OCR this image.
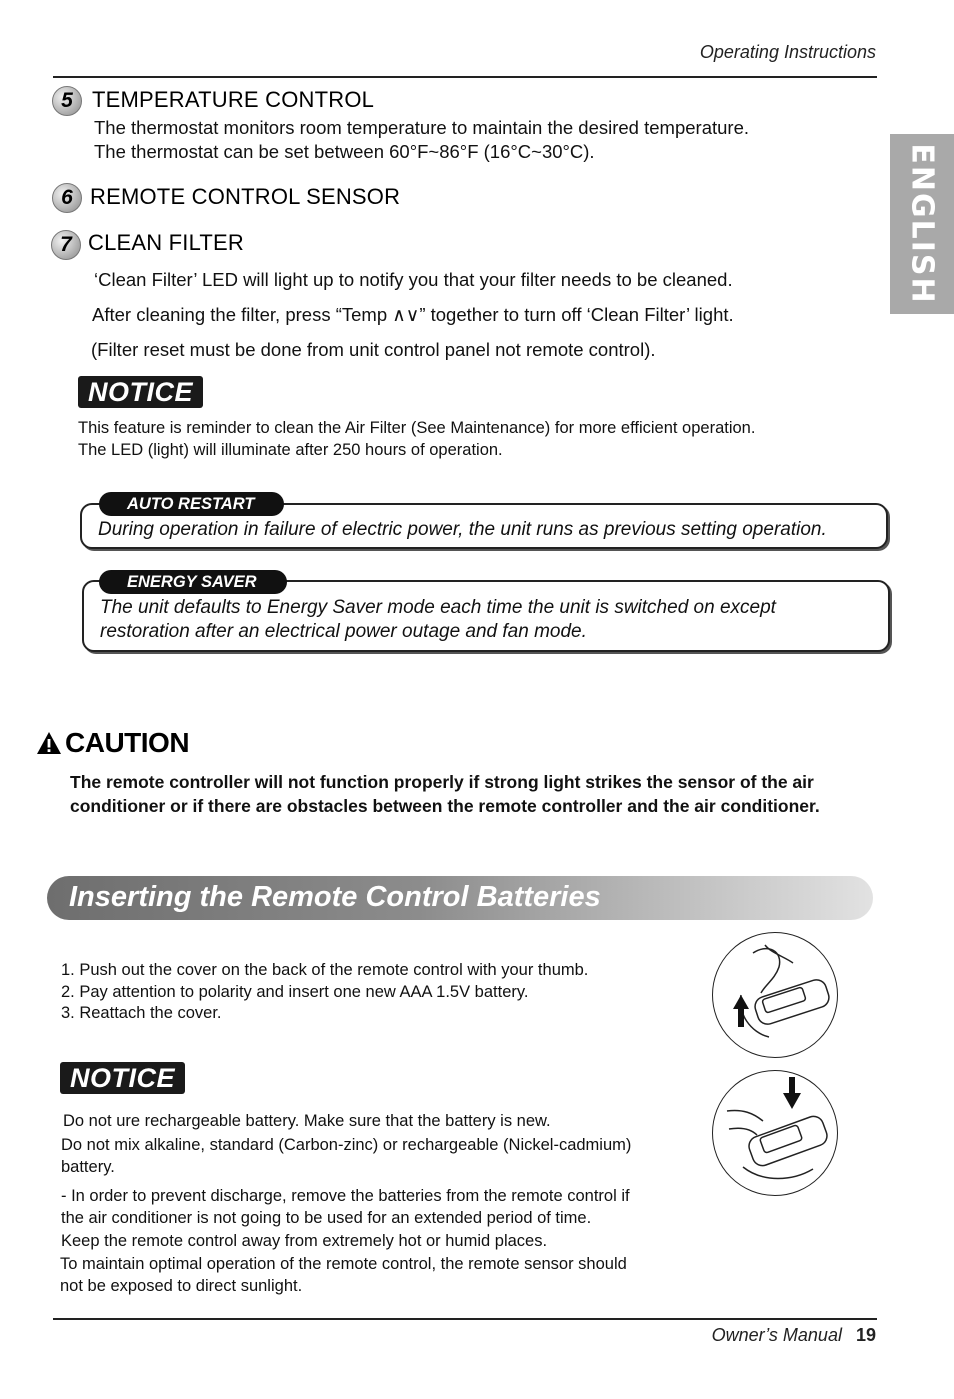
Operating Instructions
ENGLISH
5 TEMPERATURE CONTROL
The thermostat monitors room temperature to maintain the desired temperature.
The thermostat can be set between 60°F~86°F (16°C~30°C).
6 REMOTE CONTROL SENSOR
7 CLEAN FILTER
‘Clean Filter’ LED will light up to notify you that your filter needs to be cleaned.
After cleaning the filter, press “Temp ∧∨” together to turn off ‘Clean Filter’ light.
(Filter reset must be done from unit control panel not remote control).
NOTICE
This feature is reminder to clean the Air Filter (See Maintenance) for more efficient operation.
The LED (light) will illuminate after 250 hours of operation.
AUTO RESTART
During operation in failure of electric power, the unit runs as previous setting operation.
ENERGY SAVER
The unit defaults to Energy Saver mode each time the unit is switched on except
restoration after an electrical power outage and fan mode.
CAUTION
The remote controller will not function properly if strong light strikes the sensor of the air
conditioner or if there are obstacles between the remote controller and the air conditioner.
Inserting the Remote Control Batteries
1. Push out the cover on the back of the remote control with your thumb.
2. Pay attention to polarity and insert one new AAA 1.5V battery.
3. Reattach the cover.
NOTICE
Do not ure rechargeable battery. Make sure that the battery is new.
Do not mix alkaline, standard (Carbon-zinc) or rechargeable (Nickel-cadmium)
battery.
- In order to prevent discharge, remove the batteries from the remote control if
the air conditioner is not going to be used for an extended period of time.
Keep the remote control away from extremely hot or humid places.
To maintain optimal operation of the remote control, the remote sensor should
not be exposed to direct sunlight.
Owner’s Manual 19
